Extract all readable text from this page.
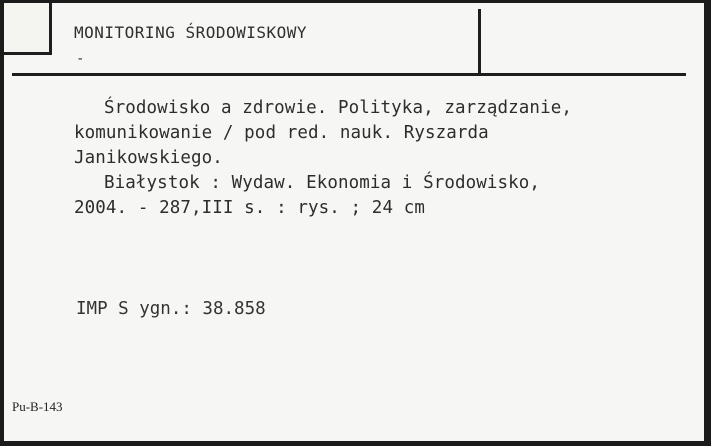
MONITORING ŚRODOWISKOWY
-
Środowisko a zdrowie. Polityka, zarządzanie,
komunikowanie / pod red. nauk. Ryszarda
Janikowskiego.
Białystok : Wydaw. Ekonomia i Środowisko,
2004. - 287,III s. : rys. ; 24 cm
IMP S ygn.: 38.858
Pu-B-143
